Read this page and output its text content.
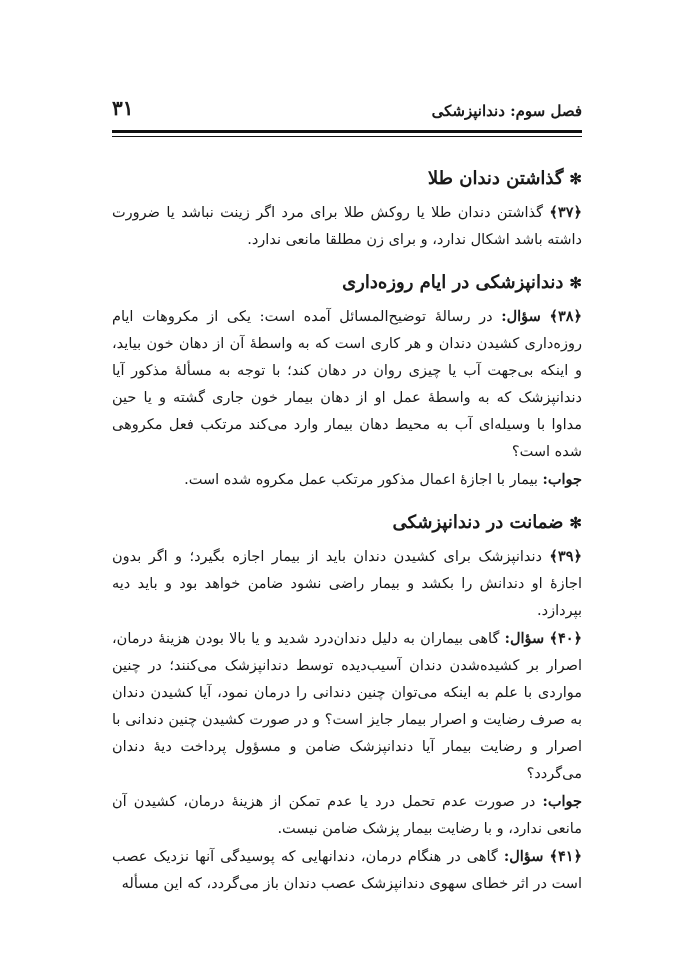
فصل سوم: دندانپزشکی
۳۱
✻گذاشتن دندان طلا

﴿۳۷﴾ گذاشتن دندان طلا یا روکش طلا برای مرد اگر زینت نباشد یا ضرورت داشته باشد اشکال ندارد، و برای زن مطلقا مانعی ندارد.

✻دندانپزشکی در ایام روزه‌داری

﴿۳۸﴾ سؤال: در رسالۀ توضیح‌المسائل آمده است: یکی از مکروهات ایام روزه‌داری کشیدن دندان و هر کاری است که به واسطۀ آن از دهان خون بیاید، و اینکه بی‌جهت آب یا چیزی روان در دهان کند؛ با توجه به مسألۀ مذکور آیا دندانپزشک که به واسطۀ عمل او از دهان بیمار خون جاری گشته و یا حین مداوا با وسیله‌ای آب به محیط دهان بیمار وارد می‌کند مرتکب فعل مکروهی شده است؟

جواب: بیمار با اجازۀ اعمال مذکور مرتکب عمل مکروه شده است.

✻ضمانت در دندانپزشکی

﴿۳۹﴾ دندانپزشک برای کشیدن دندان باید از بیمار اجازه بگیرد؛ و اگر بدون اجازۀ او دندانش را بکشد و بیمار راضی نشود ضامن خواهد بود و باید دیه بپردازد.

﴿۴۰﴾ سؤال: گاهی بیماران به دلیل دندان‌درد شدید و یا بالا بودن هزینۀ درمان، اصرار بر کشیده‌شدن دندان آسیب‌دیده توسط دندانپزشک می‌کنند؛ در چنین مواردی با علم به اینکه می‌توان چنین دندانی را درمان نمود، آیا کشیدن دندان به صرف رضایت و اصرار بیمار جایز است؟ و در صورت کشیدن چنین دندانی با اصرار و رضایت بیمار آیا دندانپزشک ضامن و مسؤول پرداخت دیۀ دندان می‌گردد؟

جواب: در صورت عدم تحمل درد یا عدم تمکن از هزینۀ درمان، کشیدن آن مانعی ندارد، و با رضایت بیمار پزشک ضامن نیست.

﴿۴۱﴾ سؤال: گاهی در هنگام درمان، دندانهایی که پوسیدگی آنها نزدیک عصب است در اثر خطای سهوی دندانپزشک عصب دندان باز می‌گردد، که این مسأله
